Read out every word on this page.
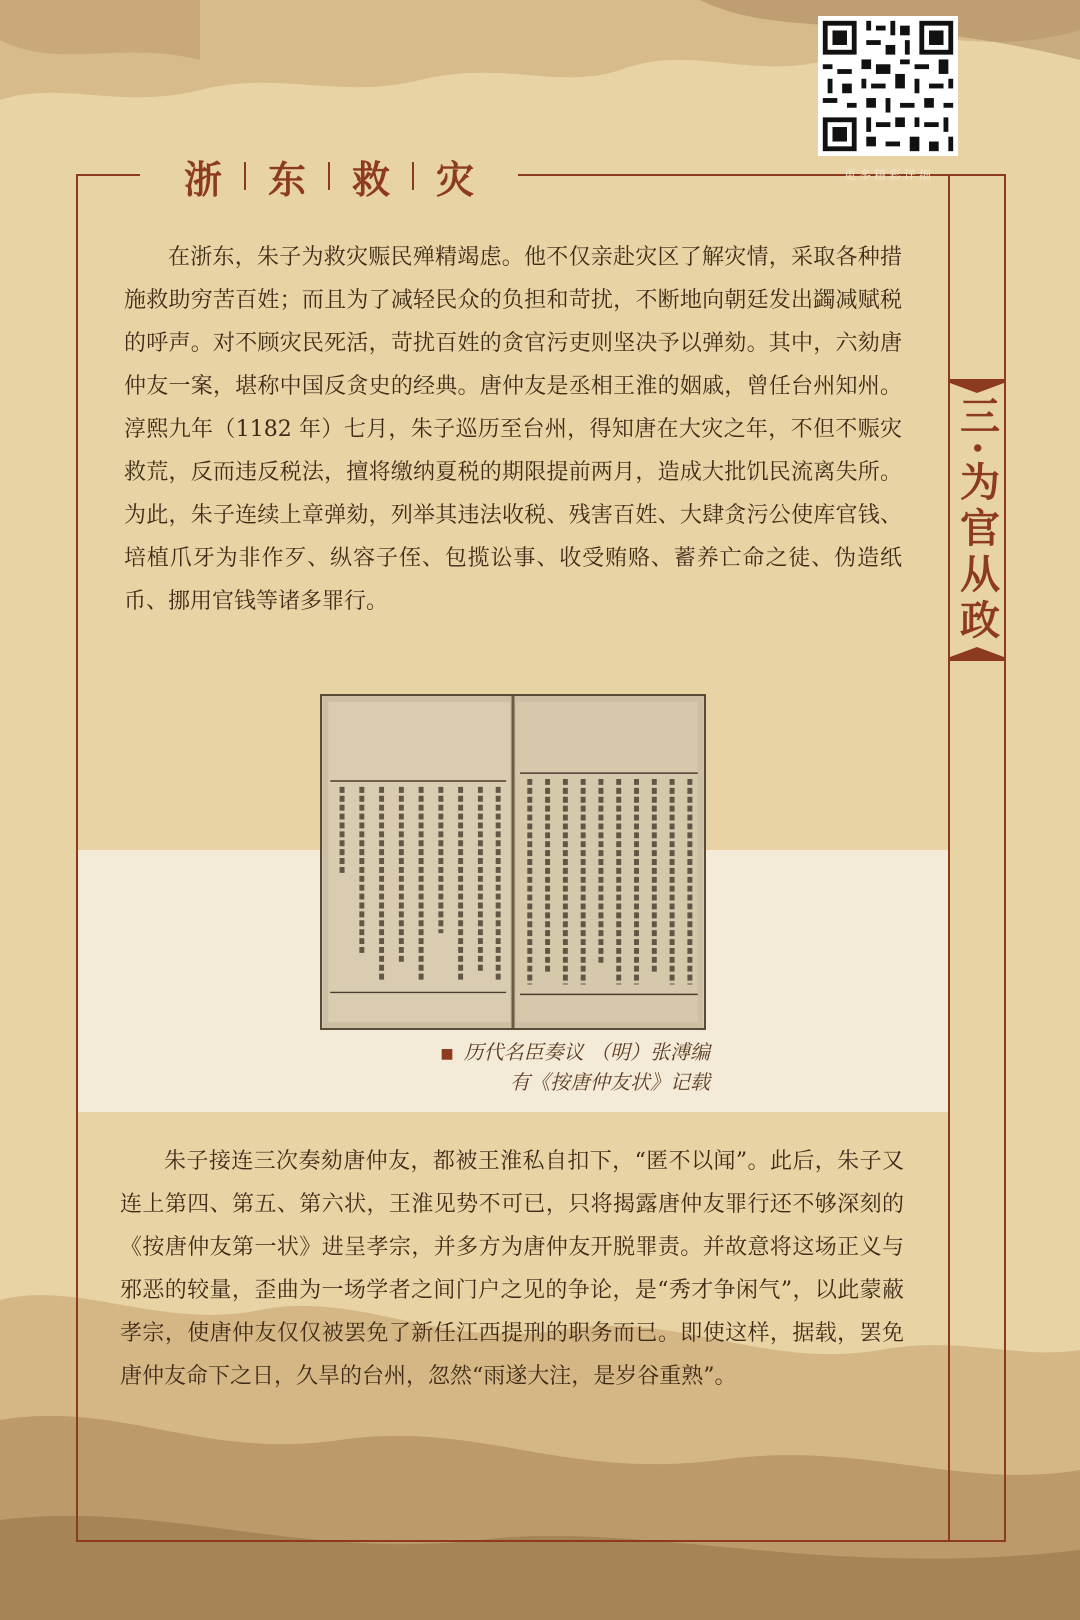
浙	东	救	灾	更多精彩详细
三·为官从政

在浙东，朱子为救灾赈民殚精竭虑。他不仅亲赴灾区了解灾情，采取各种措施救助穷苦百姓；而且为了减轻民众的负担和苛扰，不断地向朝廷发出蠲减赋税的呼声。对不顾灾民死活，苛扰百姓的贪官污吏则坚决予以弹劾。其中，六劾唐仲友一案，堪称中国反贪史的经典。唐仲友是丞相王淮的姻戚，曾任台州知州。淳熙九年（1182 年）七月，朱子巡历至台州，得知唐在大灾之年，不但不赈灾救荒，反而违反税法，擅将缴纳夏税的期限提前两月，造成大批饥民流离失所。为此，朱子连续上章弹劾，列举其违法收税、残害百姓、大肆贪污公使库官钱、培植爪牙为非作歹、纵容子侄、包揽讼事、收受贿赂、蓄养亡命之徒、伪造纸币、挪用官钱等诸多罪行。

■ 历代名臣奏议 （明）张溥编
有《按唐仲友状》记载

朱子接连三次奏劾唐仲友，都被王淮私自扣下，“匿不以闻”。此后，朱子又连上第四、第五、第六状，王淮见势不可已，只将揭露唐仲友罪行还不够深刻的《按唐仲友第一状》进呈孝宗，并多方为唐仲友开脱罪责。并故意将这场正义与邪恶的较量，歪曲为一场学者之间门户之见的争论，是“秀才争闲气”，以此蒙蔽孝宗，使唐仲友仅仅被罢免了新任江西提刑的职务而已。即使这样，据载，罢免唐仲友命下之日，久旱的台州，忽然“雨遂大注，是岁谷重熟”。
